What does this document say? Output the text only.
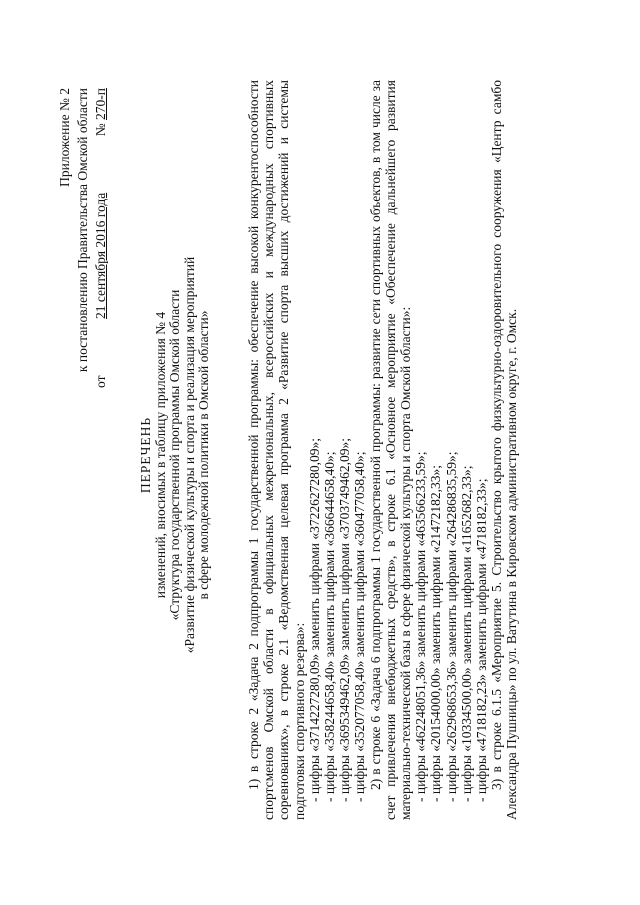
Приложение № 2 к постановлению Правительства Омской области
от
21 сентября 2016 года
№ 270-п
ПЕРЕЧЕНЬ изменений, вносимых в таблицу приложения № 4 «Структура государственной программы Омской области «Развитие физической культуры и спорта и реализация мероприятий в сфере молодежной политики в Омской области»	1) в строке 2 «Задача 2 подпрограммы 1 государственной программы: обеспечение высокой конкурентоспособности спортсменов Омской области в официальных межрегиональных, всероссийских и международных спортивных соревнованиях», в строке 2.1 «Ведомственная целевая программа 2 «Развитие спорта высших достижений и системы подготовки спортивного резерва»: - цифры «3714227280,09» заменить цифрами «3722627280,09»; - цифры «358244658,40» заменить цифрами «366644658,40»; - цифры «3695349462,09» заменить цифрами «3703749462,09»; - цифры «352077058,40» заменить цифрами «360477058,40»; 2) в строке 6 «Задача 6 подпрограммы 1 государственной программы: развитие сети спортивных объектов, в том числе за счет привлечения внебюджетных средств», в строке 6.1 «Основное мероприятие «Обеспечение дальнейшего развития материально-технической базы в сфере физической культуры и спорта Омской области»: - цифры «462248051,36» заменить цифрами «463566233,59»; - цифры «20154000,00» заменить цифрами «21472182,33»; - цифры «262968653,36» заменить цифрами «264286835,59»; - цифры «10334500,00» заменить цифрами «11652682,33»; - цифры «4718182,23» заменить цифрами «4718182,33»; 3) в строке 6.1.5 «Мероприятие 5. Строительство крытого физкультурно-оздоровительного сооружения «Центр самбо Александра Пушницы» по ул. Ватутина в Кировском административном округе, г. Омск.
